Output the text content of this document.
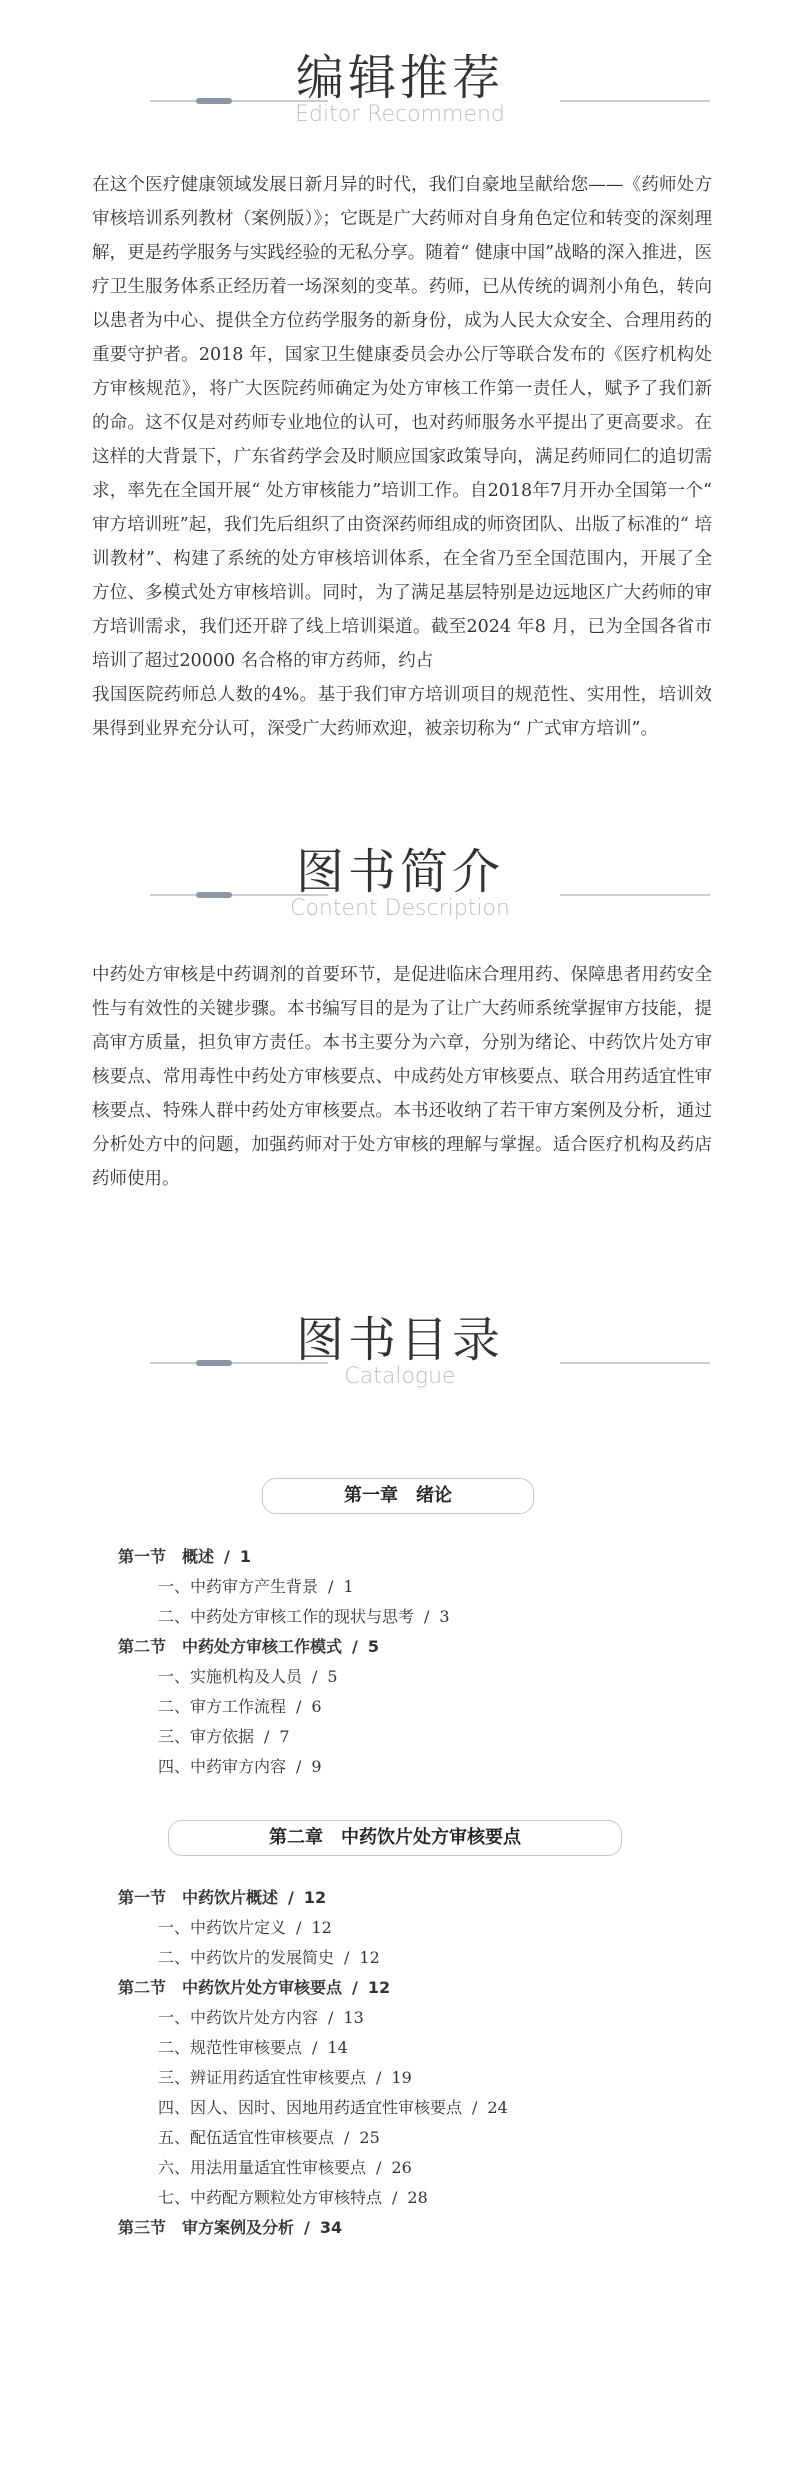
编辑推荐
Editor Recommend

在这个医疗健康领域发展日新月异的时代，我们自豪地呈献给您——《药师处方审核培训系列教材（案例版）》；它既是广大药师对自身角色定位和转变的深刻理解，更是药学服务与实践经验的无私分享。随着“ 健康中国”战略的深入推进，医疗卫生服务体系正经历着一场深刻的变革。药师，已从传统的调剂小角色，转向以患者为中心、提供全方位药学服务的新身份，成为人民大众安全、合理用药的重要守护者。2018 年，国家卫生健康委员会办公厅等联合发布的《医疗机构处方审核规范》，将广大医院药师确定为处方审核工作第一责任人，赋予了我们新的命。这不仅是对药师专业地位的认可，也对药师服务水平提出了更高要求。在这样的大背景下，广东省药学会及时顺应国家政策导向，满足药师同仁的追切需求，率先在全国开展“ 处方审核能力”培训工作。自2018年7月开办全国第一个“ 审方培训班”起，我们先后组织了由资深药师组成的师资团队、出版了标准的“ 培训教材”、构建了系统的处方审核培训体系，在全省乃至全国范围内，开展了全方位、多模式处方审核培训。同时，为了满足基层特别是边远地区广大药师的审方培训需求，我们还开辟了线上培训渠道。截至2024 年8 月，已为全国各省市培训了超过20000 名合格的审方药师，约占

我国医院药师总人数的4%。基于我们审方培训项目的规范性、实用性，培训效果得到业界充分认可，深受广大药师欢迎，被亲切称为“ 广式审方培训”。

图书简介
Content Description

中药处方审核是中药调剂的首要环节，是促进临床合理用药、保障患者用药安全性与有效性的关键步骤。本书编写目的是为了让广大药师系统掌握审方技能，提高审方质量，担负审方责任。本书主要分为六章，分别为绪论、中药饮片处方审核要点、常用毒性中药处方审核要点、中成药处方审核要点、联合用药适宜性审核要点、特殊人群中药处方审核要点。本书还收纳了若干审方案例及分析，通过分析处方中的问题，加强药师对于处方审核的理解与掌握。适合医疗机构及药店药师使用。

图书目录
Catalogue
第一章　绪论
第一节　概述 / 1
一、中药审方产生背景 / 1
二、中药处方审核工作的现状与思考 / 3
第二节　中药处方审核工作模式 / 5
一、实施机构及人员 / 5
二、审方工作流程 / 6
三、审方依据 / 7
四、中药审方内容 / 9
第二章　中药饮片处方审核要点
第一节　中药饮片概述 / 12
一、中药饮片定义 / 12
二、中药饮片的发展简史 / 12
第二节　中药饮片处方审核要点 / 12
一、中药饮片处方内容 / 13
二、规范性审核要点 / 14
三、辨证用药适宜性审核要点 / 19
四、因人、因时、因地用药适宜性审核要点 / 24
五、配伍适宜性审核要点 / 25
六、用法用量适宜性审核要点 / 26
七、中药配方颗粒处方审核特点 / 28
第三节　审方案例及分析 / 34
